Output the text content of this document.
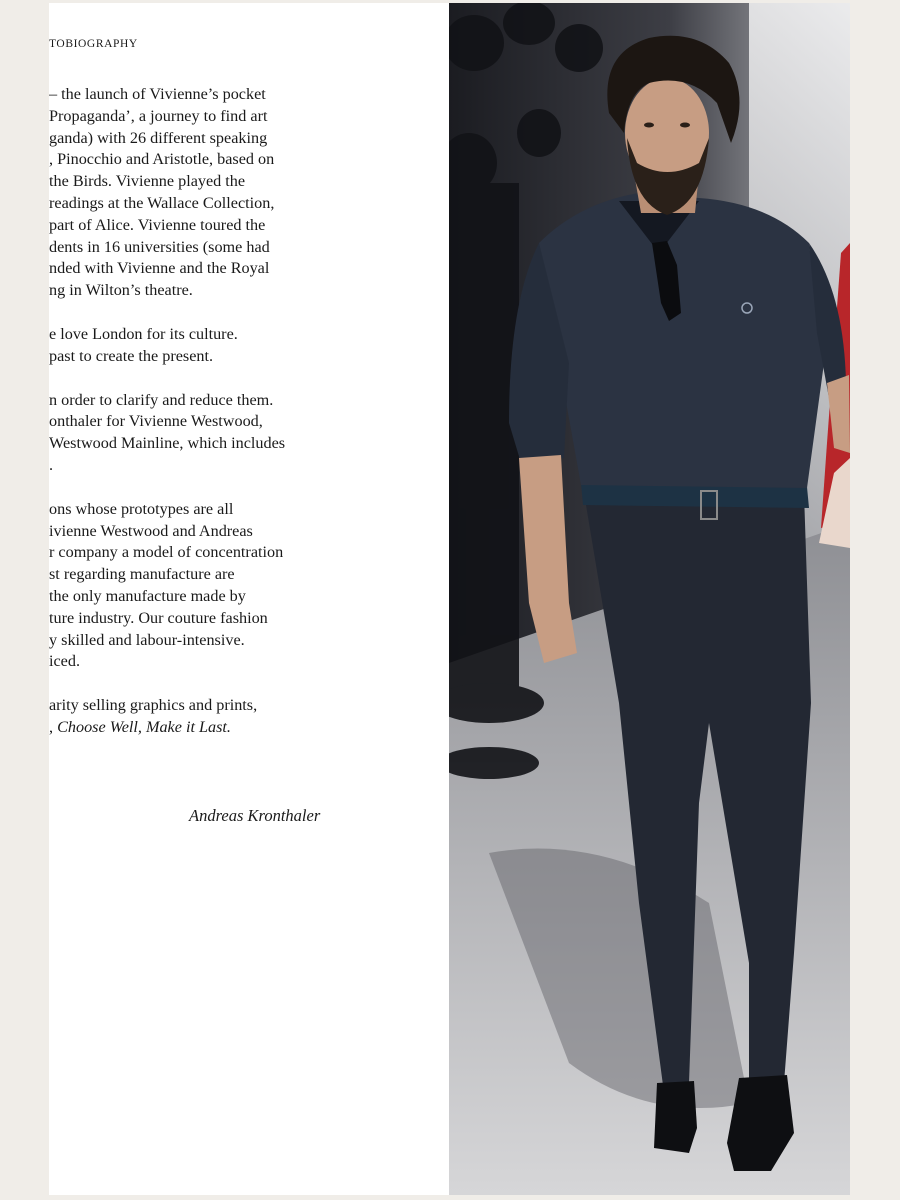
TOBIOGRAPHY

– the launch of Vivienne’s pocket
Propaganda’, a journey to find art
ganda) with 26 different speaking
, Pinocchio and Aristotle, based on
the Birds. Vivienne played the
readings at the Wallace Collection,
part of Alice. Vivienne toured the
dents in 16 universities (some had
nded with Vivienne and the Royal
ng in Wilton’s theatre.

e love London for its culture.
past to create the present.

n order to clarify and reduce them.
onthaler for Vivienne Westwood,
Westwood Mainline, which includes
.

ons whose prototypes are all
ivienne Westwood and Andreas
r company a model of concentration
st regarding manufacture are
the only manufacture made by
ture industry. Our couture fashion
y skilled and labour-intensive.
iced.

arity selling graphics and prints,
, Choose Well, Make it Last.

Andreas Kronthaler
